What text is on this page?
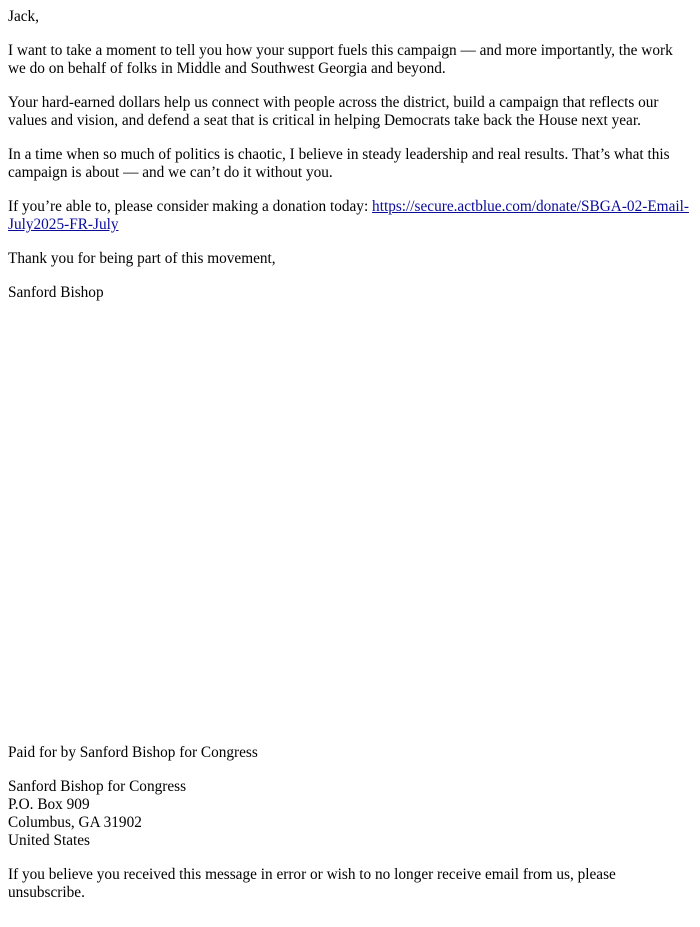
Jack,

I want to take a moment to tell you how your support fuels this campaign — and more importantly, the work we do on behalf of folks in Middle and Southwest Georgia and beyond.

Your hard-earned dollars help us connect with people across the district, build a campaign that reflects our values and vision, and defend a seat that is critical in helping Democrats take back the House next year.

In a time when so much of politics is chaotic, I believe in steady leadership and real results. That’s what this campaign is about — and we can’t do it without you.

If you’re able to, please consider making a donation today: https://secure.actblue.com/donate/SBGA-02-Email-July2025-FR-July

Thank you for being part of this movement,

Sanford Bishop

Paid for by Sanford Bishop for Congress

Sanford Bishop for Congress
P.O. Box 909
Columbus, GA 31902
United States

If you believe you received this message in error or wish to no longer receive email from us, please unsubscribe.
